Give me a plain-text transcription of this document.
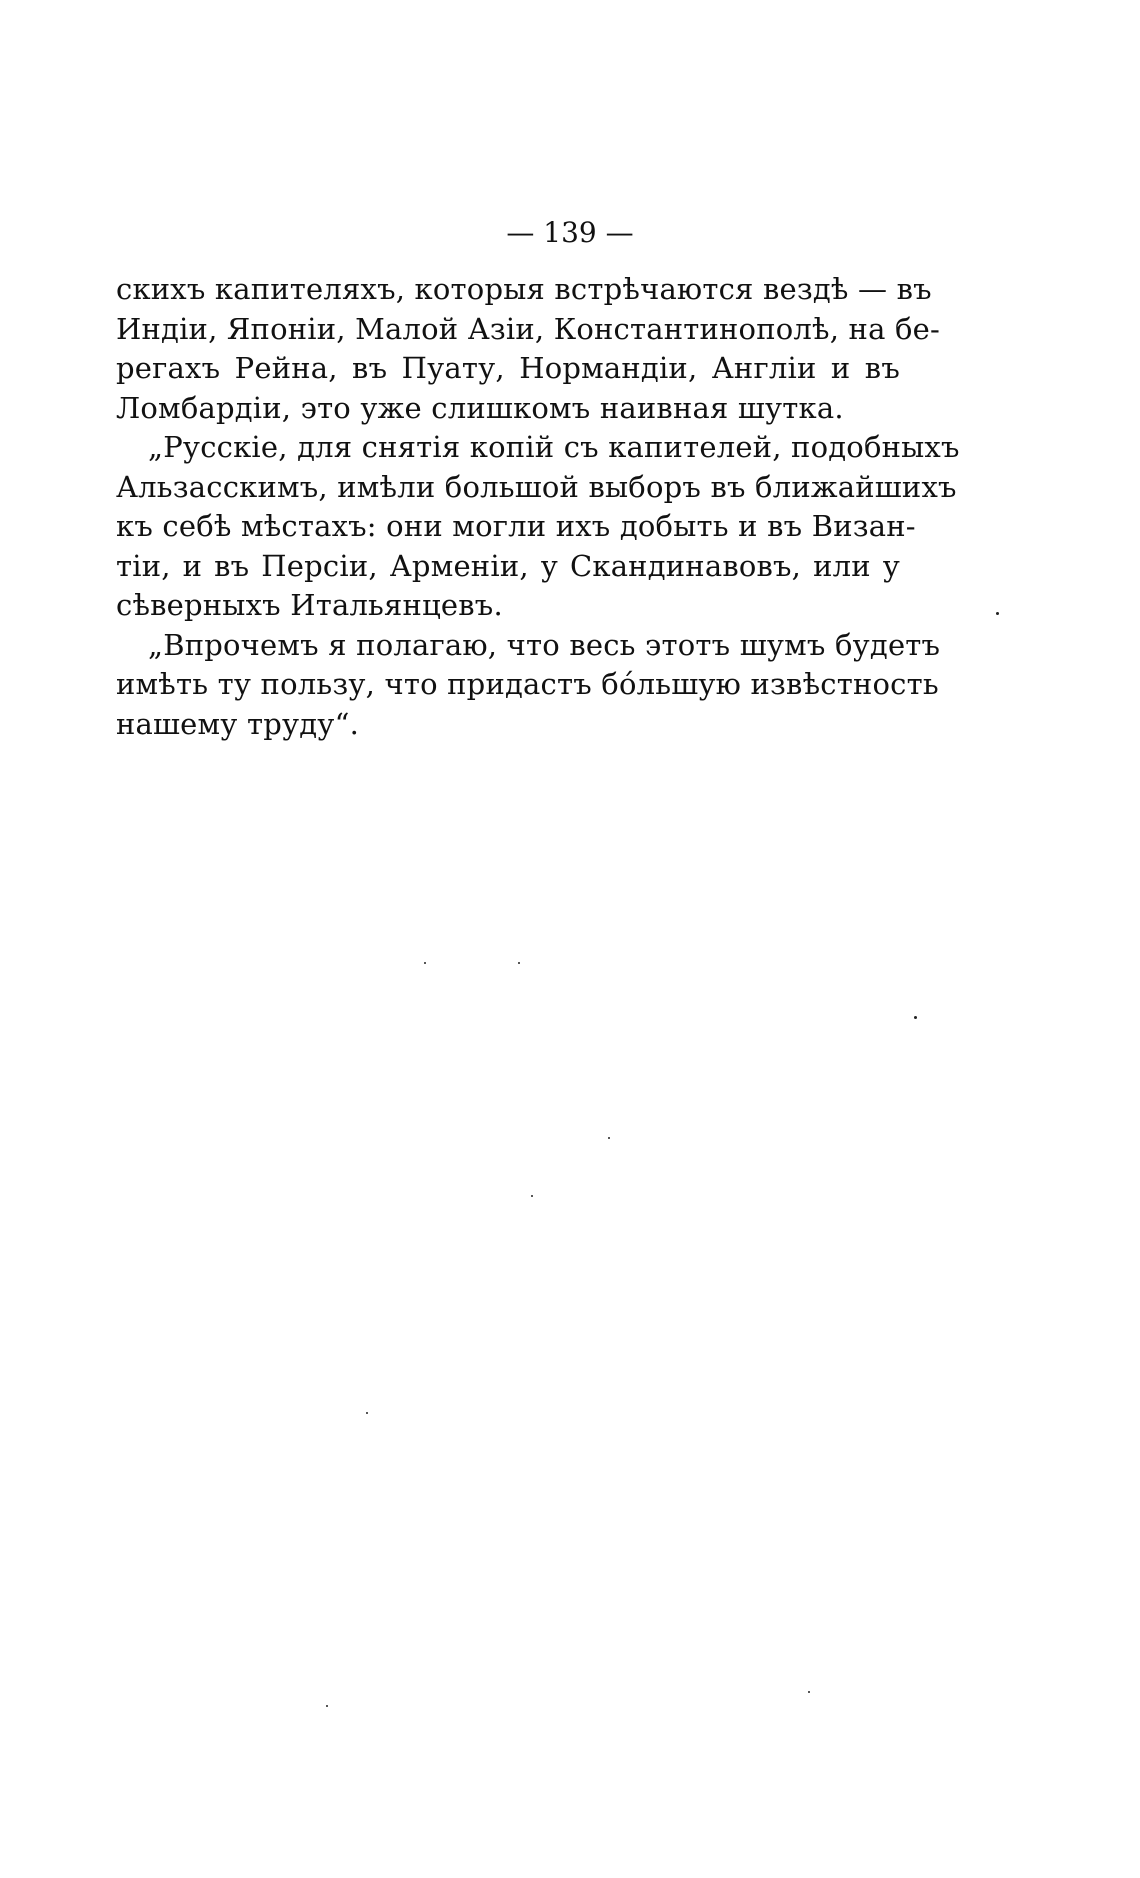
— 139 —
скихъ капителяхъ, которыя встрѣчаются вездѣ — въ
Индіи, Японіи, Малой Азіи, Константинополѣ, на бе-
регахъ Рейна, въ Пуату, Нормандіи, Англіи и въ
Ломбардіи, это уже слишкомъ наивная шутка.
„Русскіе, для снятія копій съ капителей, подобныхъ
Альзасскимъ, имѣли большой выборъ въ ближайшихъ
къ себѣ мѣстахъ: они могли ихъ добыть и въ Визан-
тіи, и въ Персіи, Арменіи, у Скандинавовъ, или у
сѣверныхъ Итальянцевъ.
„Впрочемъ я полагаю, что весь этотъ шумъ будетъ
имѣть ту пользу, что придастъ бо́льшую извѣстность
нашему труду“.
